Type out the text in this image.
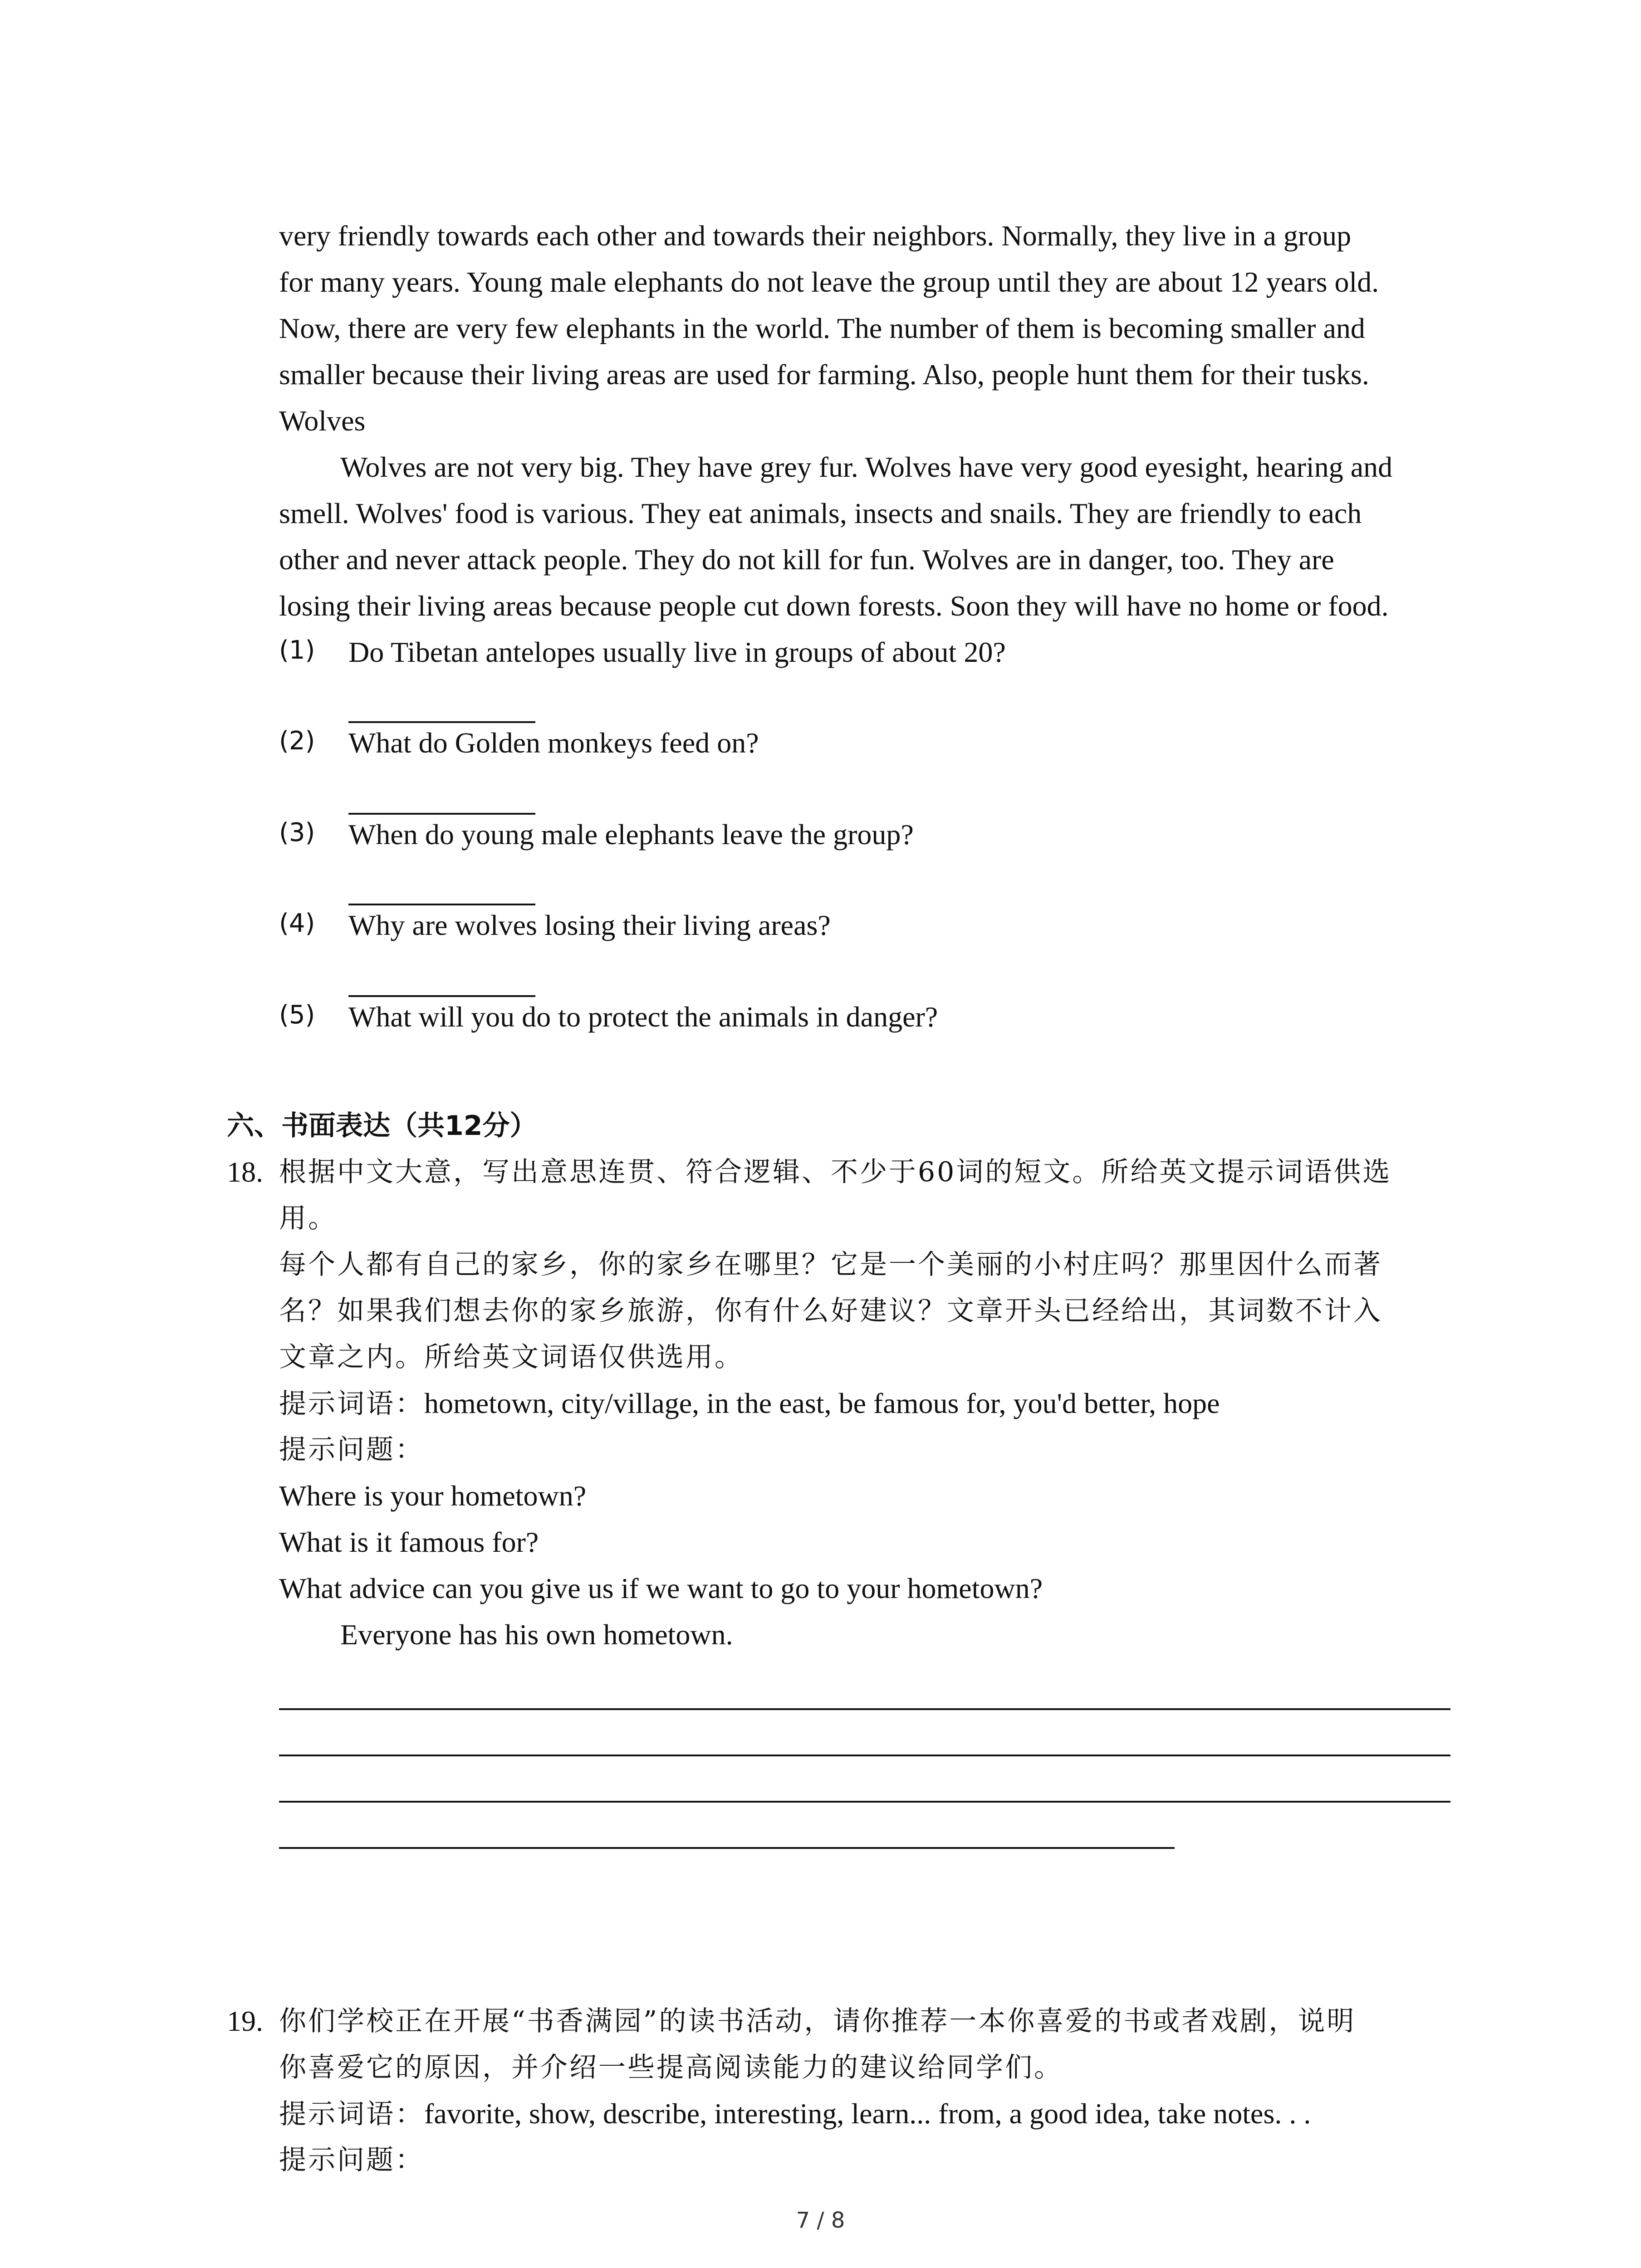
very friendly towards each other and towards their neighbors. Normally, they live in a group
for many years. Young male elephants do not leave the group until they are about 12 years old.
Now, there are very few elephants in the world. The number of them is becoming smaller and
smaller because their living areas are used for farming. Also, people hunt them for their tusks.
Wolves
Wolves are not very big. They have grey fur. Wolves have very good eyesight, hearing and
smell. Wolves' food is various. They eat animals, insects and snails. They are friendly to each
other and never attack people. They do not kill for fun. Wolves are in danger, too. They are
losing their living areas because people cut down forests. Soon they will have no home or food.
(1) Do Tibetan antelopes usually live in groups of about 20?
(2) What do Golden monkeys feed on?
(3) When do young male elephants leave the group?
(4) Why are wolves losing their living areas?
(5) What will you do to protect the animals in danger?
六、书面表达（共12分）
18. 根据中文大意，写出意思连贯、符合逻辑、不少于60词的短文。所给英文提示词语供选
用。
每个人都有自己的家乡，你的家乡在哪里？它是一个美丽的小村庄吗？那里因什么而著
名？如果我们想去你的家乡旅游，你有什么好建议？文章开头已经给出，其词数不计入
文章之内。所给英文词语仅供选用。
提示词语：hometown, city/village, in the east, be famous for, you'd better, hope
提示问题：
Where is your hometown?
What is it famous for?
What advice can you give us if we want to go to your hometown?
Everyone has his own hometown.
19. 你们学校正在开展“书香满园”的读书活动，请你推荐一本你喜爱的书或者戏剧，说明
你喜爱它的原因，并介绍一些提高阅读能力的建议给同学们。
提示词语：favorite, show, describe, interesting, learn... from, a good idea, take notes. . .
提示问题：
7 / 8
